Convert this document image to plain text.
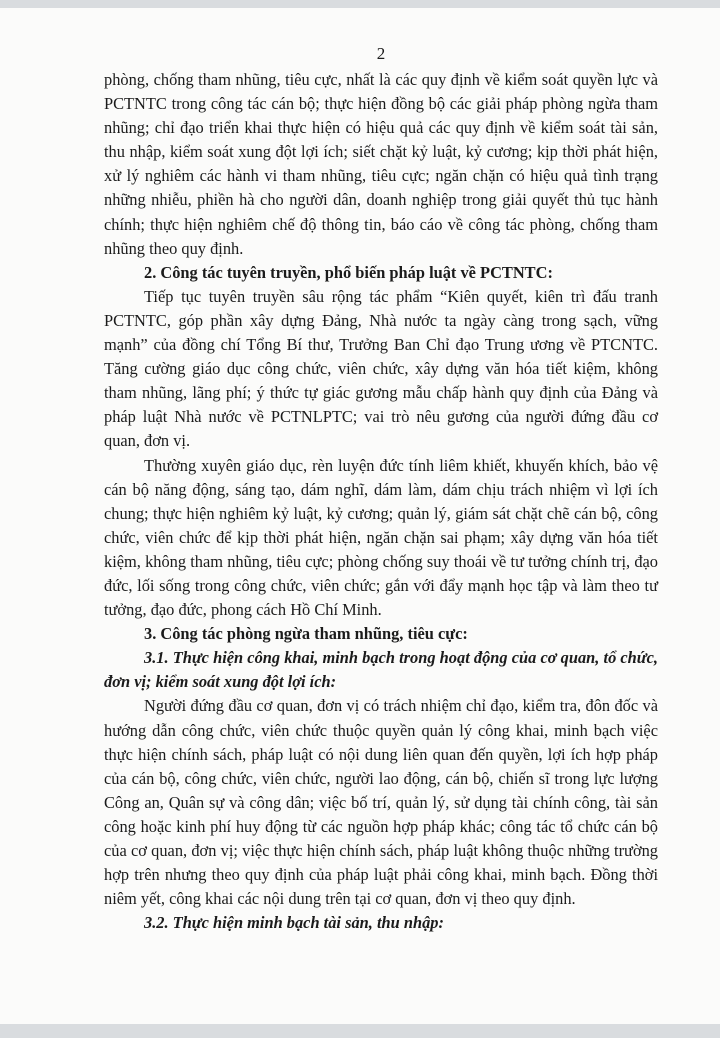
2

phòng, chống tham nhũng, tiêu cực, nhất là các quy định về kiểm soát quyền lực và PCTNTC trong công tác cán bộ; thực hiện đồng bộ các giải pháp phòng ngừa tham nhũng; chỉ đạo triển khai thực hiện có hiệu quả các quy định về kiểm soát tài sản, thu nhập, kiểm soát xung đột lợi ích; siết chặt kỷ luật, kỷ cương; kịp thời phát hiện, xử lý nghiêm các hành vi tham nhũng, tiêu cực; ngăn chặn có hiệu quả tình trạng những nhiễu, phiền hà cho người dân, doanh nghiệp trong giải quyết thủ tục hành chính; thực hiện nghiêm chế độ thông tin, báo cáo về công tác phòng, chống tham nhũng theo quy định.

2. Công tác tuyên truyền, phổ biến pháp luật về PCTNTC:

Tiếp tục tuyên truyền sâu rộng tác phẩm “Kiên quyết, kiên trì đấu tranh PCTNTC, góp phần xây dựng Đảng, Nhà nước ta ngày càng trong sạch, vững mạnh” của đồng chí Tổng Bí thư, Trưởng Ban Chỉ đạo Trung ương về PTCNTC. Tăng cường giáo dục công chức, viên chức, xây dựng văn hóa tiết kiệm, không tham nhũng, lãng phí; ý thức tự giác gương mẫu chấp hành quy định của Đảng và pháp luật Nhà nước về PCTNLPTC; vai trò nêu gương của người đứng đầu cơ quan, đơn vị.

Thường xuyên giáo dục, rèn luyện đức tính liêm khiết, khuyến khích, bảo vệ cán bộ năng động, sáng tạo, dám nghĩ, dám làm, dám chịu trách nhiệm vì lợi ích chung; thực hiện nghiêm kỷ luật, kỷ cương; quản lý, giám sát chặt chẽ cán bộ, công chức, viên chức để kịp thời phát hiện, ngăn chặn sai phạm; xây dựng văn hóa tiết kiệm, không tham nhũng, tiêu cực; phòng chống suy thoái về tư tưởng chính trị, đạo đức, lối sống trong công chức, viên chức; gắn với đẩy mạnh học tập và làm theo tư tưởng, đạo đức, phong cách Hồ Chí Minh.

3. Công tác phòng ngừa tham nhũng, tiêu cực:

3.1. Thực hiện công khai, minh bạch trong hoạt động của cơ quan, tổ chức, đơn vị; kiểm soát xung đột lợi ích:

Người đứng đầu cơ quan, đơn vị có trách nhiệm chỉ đạo, kiểm tra, đôn đốc và hướng dẫn công chức, viên chức thuộc quyền quản lý công khai, minh bạch việc thực hiện chính sách, pháp luật có nội dung liên quan đến quyền, lợi ích hợp pháp của cán bộ, công chức, viên chức, người lao động, cán bộ, chiến sĩ trong lực lượng Công an, Quân sự và công dân; việc bố trí, quản lý, sử dụng tài chính công, tài sản công hoặc kinh phí huy động từ các nguồn hợp pháp khác; công tác tổ chức cán bộ của cơ quan, đơn vị; việc thực hiện chính sách, pháp luật không thuộc những trường hợp trên nhưng theo quy định của pháp luật phải công khai, minh bạch. Đồng thời niêm yết, công khai các nội dung trên tại cơ quan, đơn vị theo quy định.

3.2. Thực hiện minh bạch tài sản, thu nhập:
